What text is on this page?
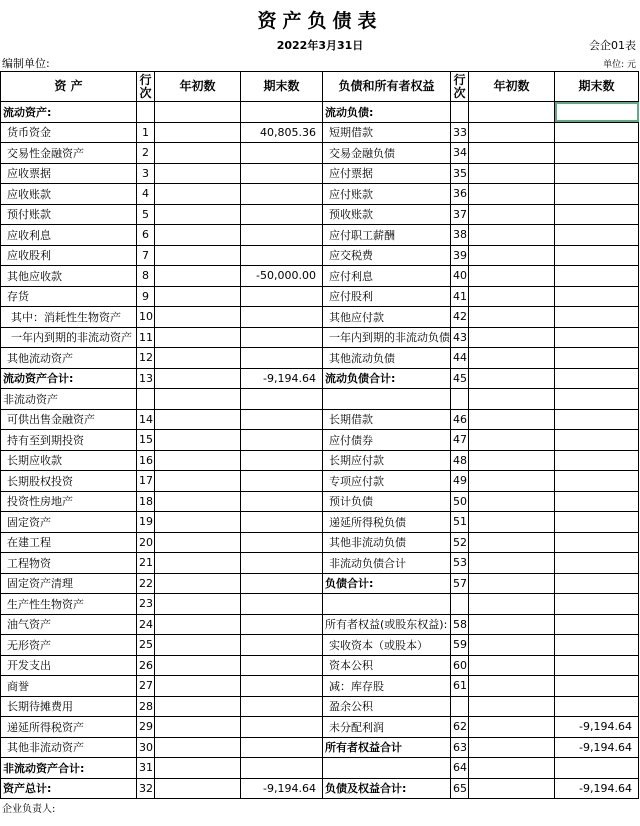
资产负债表
2022年3月31日	会企01表
编制单位:	单位: 元
资 产	行次	年初数	期末数	负债和所有者权益	行次	年初数	期末数
流动资产:				流动负债:			
货币资金	1		40,805.36	短期借款	33		
交易性金融资产	2			交易金融负债	34		
应收票据	3			应付票据	35		
应收账款	4			应付账款	36		
预付账款	5			预收账款	37		
应收利息	6			应付职工薪酬	38		
应收股利	7			应交税费	39		
其他应收款	8		-50,000.00	应付利息	40		
存货	9			应付股利	41		
其中：消耗性生物资产	10			其他应付款	42		
一年内到期的非流动资产	11			一年内到期的非流动负债	43		
其他流动资产	12			其他流动负债	44		
流动资产合计:	13		-9,194.64	流动负债合计:	45		
非流动资产							
可供出售金融资产	14			长期借款	46		
持有至到期投资	15			应付债券	47		
长期应收款	16			长期应付款	48		
长期股权投资	17			专项应付款	49		
投资性房地产	18			预计负债	50		
固定资产	19			递延所得税负债	51		
在建工程	20			其他非流动负债	52		
工程物资	21			非流动负债合计	53		
固定资产清理	22			负债合计:	57		
生产性生物资产	23						
油气资产	24			所有者权益(或股东权益):	58		
无形资产	25			实收资本（或股本）	59		
开发支出	26			资本公积	60		
商誉	27			减：库存股	61		
长期待摊费用	28			盈余公积			
递延所得税资产	29			未分配利润	62		-9,194.64
其他非流动资产	30			所有者权益合计	63		-9,194.64
非流动资产合计:	31				64		
资产总计:	32		-9,194.64	负债及权益合计:	65		-9,194.64
企业负责人:
